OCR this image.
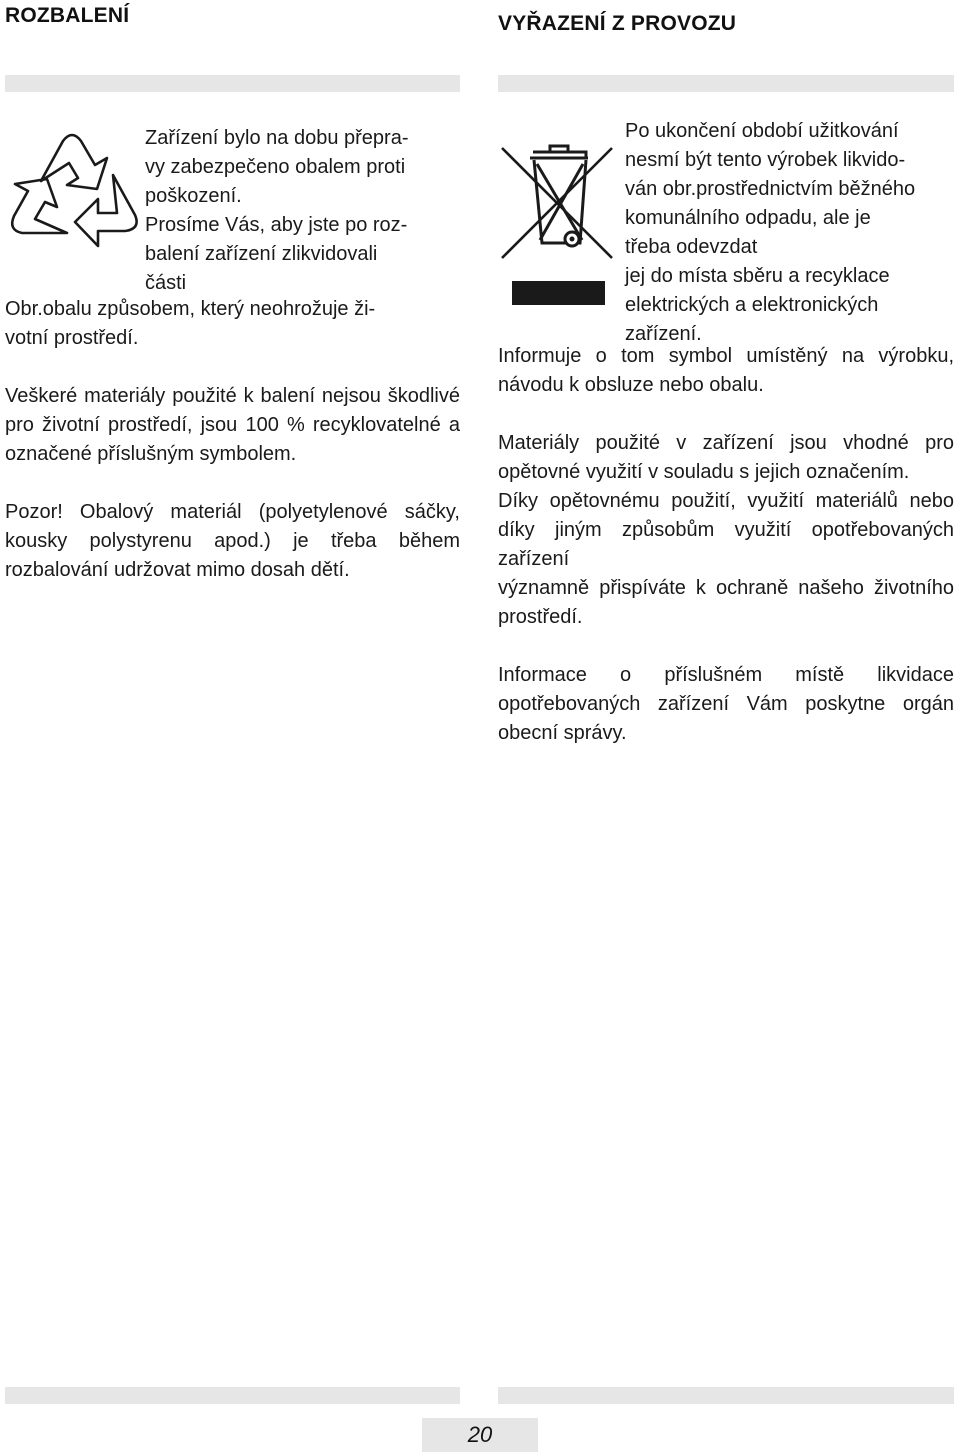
ROZBALENÍ	VYŘAZENÍ Z PROVOZU

Zařízení bylo na dobu přepra-

vy zabezpečeno obalem proti

poškození.

Prosíme Vás, aby jste po roz-

balení zařízení zlikvidovali

části

Obr.obalu způsobem, který neohrožuje ži-

votní prostředí.

Veškeré materiály použité k balení nejsou škodlivé pro životní prostředí, jsou 100 % recyklovatelné a označené příslušným symbolem.

Pozor! Obalový materiál (polyetylenové sáčky, kousky polystyrenu apod.) je třeba během rozbalování udržovat mimo dosah dětí.

Po ukončení období užitkování

nesmí být tento výrobek likvido-

ván obr.prostřednictvím běžného

komunálního odpadu, ale je

třeba odevzdat

jej do místa sběru a recyklace

elektrických a elektronických

zařízení.

Informuje o tom symbol umístěný na výrobku, návodu k obsluze nebo obalu.

Materiály použité v zařízení jsou vhodné pro opětovné využití v souladu s jejich označením.

Díky opětovnému použití, využití materiálů nebo díky jiným způsobům využití opotřebovaných zařízení

významně přispíváte k ochraně našeho životního prostředí.

Informace o příslušném místě likvidace opotřebovaných zařízení Vám poskytne orgán obecní správy.

20
